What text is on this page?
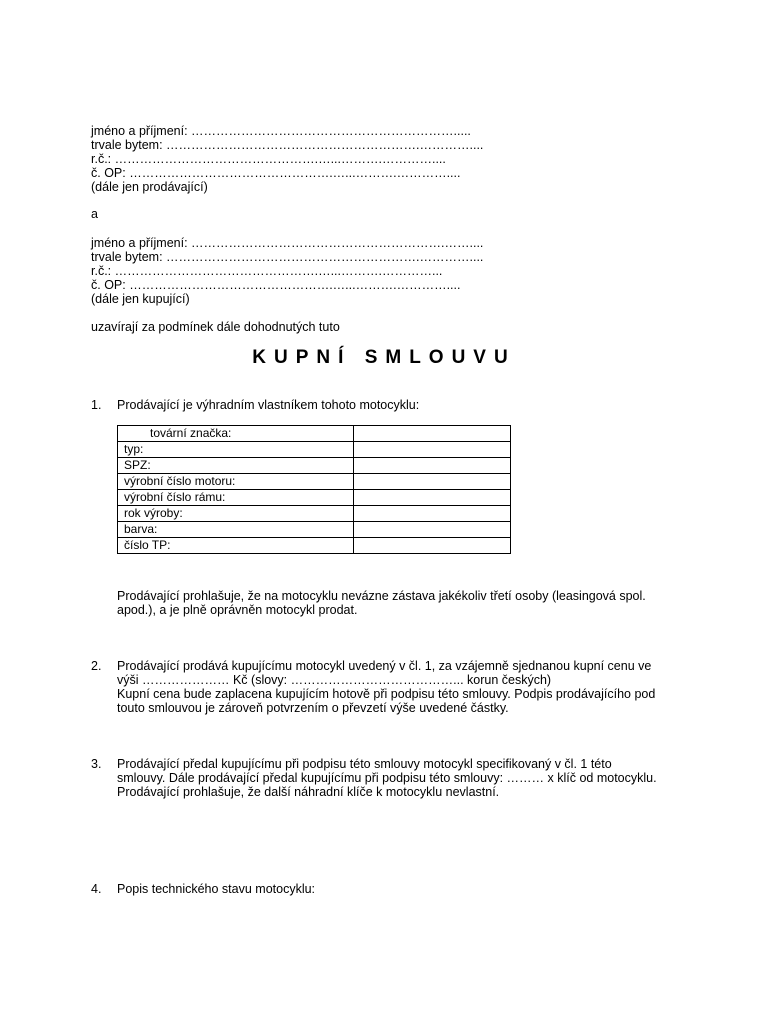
jméno a příjmení: ……………………………………………………….....
trvale bytem: …………………………………………………….…………....
r.č.: ………………………………………….…...……….…………....
č. OP: ………………………………………….…...……….…………....
(dále jen prodávající)
a
jméno a příjmení: …………………………………………………….……....
trvale bytem: …………………………………………………….…………....
r.č.: ………………………………………….…...……….…………...
č. OP: ………………………………………….…...……….…………....
(dále jen kupující)
uzavírají za podmínek dále dohodnutých tuto
KUPNÍ SMLOUVU
1. Prodávající je výhradním vlastníkem tohoto motocyklu:
tovární značka:	
typ:	
SPZ:	
výrobní číslo motoru:	
výrobní číslo rámu:	
rok výroby:	
barva:	
číslo TP:	
Prodávající prohlašuje, že na motocyklu nevázne zástava jakékoliv třetí osoby (leasingová spol.
apod.), a je plně oprávněn motocykl prodat.
2. Prodávající prodává kupujícímu motocykl uvedený v čl. 1, za vzájemně sjednanou kupní cenu ve
výši ………………… Kč (slovy: …………………………………... korun českých)
Kupní cena bude zaplacena kupujícím hotově při podpisu této smlouvy. Podpis prodávajícího pod
touto smlouvou je zároveň potvrzením o převzetí výše uvedené částky.
3. Prodávající předal kupujícímu při podpisu této smlouvy motocykl specifikovaný v čl. 1 této
smlouvy. Dále prodávající předal kupujícímu při podpisu této smlouvy: ……… x klíč od motocyklu.
Prodávající prohlašuje, že další náhradní klíče k motocyklu nevlastní.
4. Popis technického stavu motocyklu:
